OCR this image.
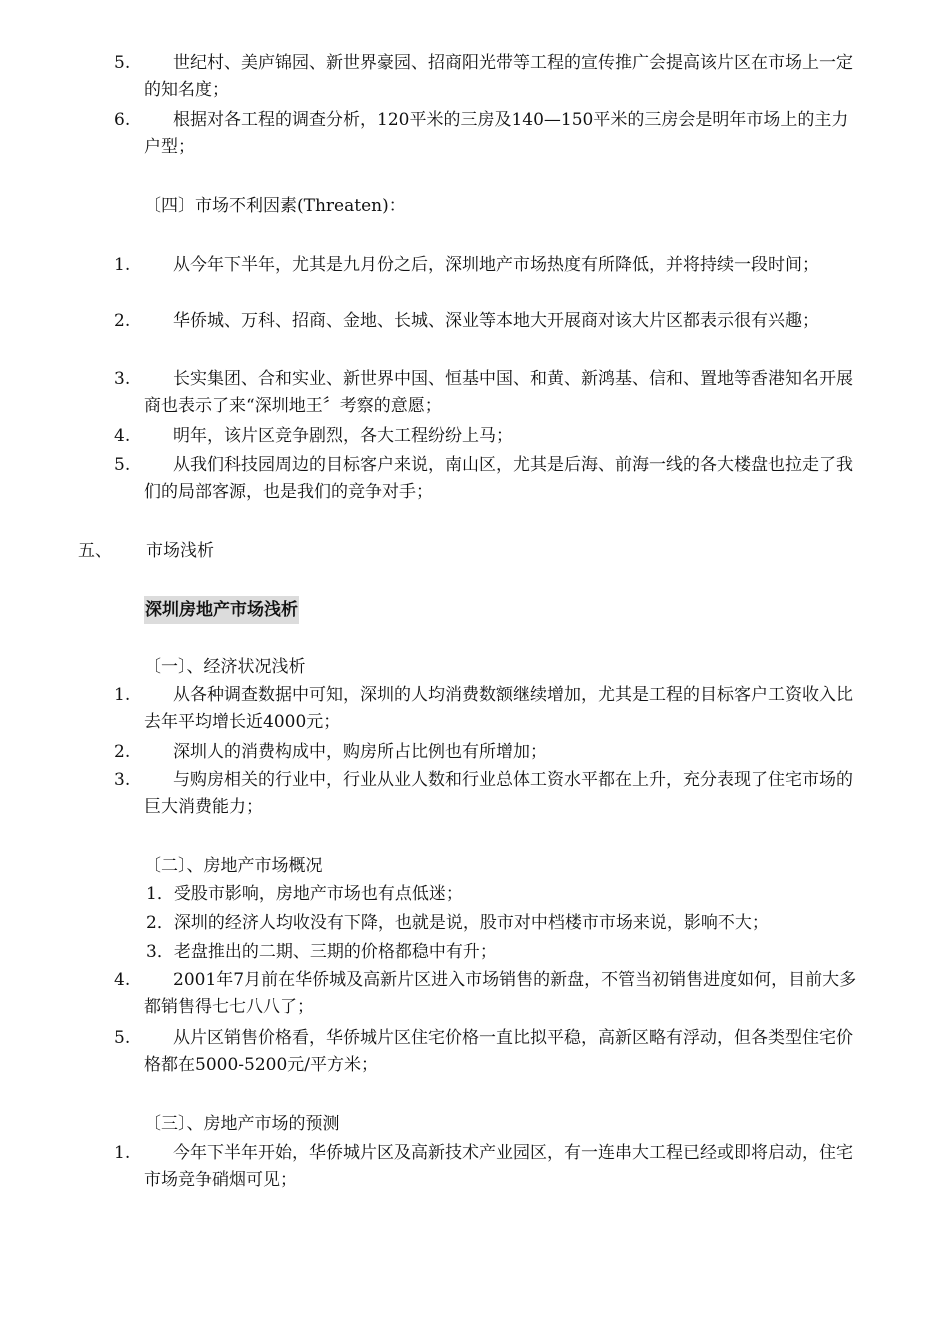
5.	世纪村、美庐锦园、新世界豪园、招商阳光带等工程的宣传推广会提高该片区在市场上一定的知名度；
6.	根据对各工程的调查分析，120平米的三房及140—150平米的三房会是明年市场上的主力户型；
〔四〕市场不利因素(Threaten)：
1.	从今年下半年，尤其是九月份之后，深圳地产市场热度有所降低，并将持续一段时间；
2.	华侨城、万科、招商、金地、长城、深业等本地大开展商对该大片区都表示很有兴趣；
3.	长实集团、合和实业、新世界中国、恒基中国、和黄、新鸿基、信和、置地等香港知名开展商也表示了来“深圳地王〞考察的意愿；
4.	明年，该片区竞争剧烈，各大工程纷纷上马；
5.	从我们科技园周边的目标客户来说，南山区，尤其是后海、前海一线的各大楼盘也拉走了我们的局部客源，也是我们的竞争对手；
五、 市场浅析
深圳房地产市场浅析
〔一〕、经济状况浅析
1.	从各种调查数据中可知，深圳的人均消费数额继续增加，尤其是工程的目标客户工资收入比去年平均增长近4000元；
2.	深圳人的消费构成中，购房所占比例也有所增加；
3.	与购房相关的行业中，行业从业人数和行业总体工资水平都在上升，充分表现了住宅市场的巨大消费能力；
〔二〕、房地产市场概况
1．受股市影响，房地产市场也有点低迷；
2．深圳的经济人均收没有下降，也就是说，股市对中档楼市市场来说，影响不大；
3．老盘推出的二期、三期的价格都稳中有升；
4.	2001年7月前在华侨城及高新片区进入市场销售的新盘，不管当初销售进度如何，目前大多都销售得七七八八了；
5.	从片区销售价格看，华侨城片区住宅价格一直比拟平稳，高新区略有浮动，但各类型住宅价格都在5000-5200元/平方米；
〔三〕、房地产市场的预测
1.	今年下半年开始，华侨城片区及高新技术产业园区，有一连串大工程已经或即将启动，住宅市场竞争硝烟可见；
